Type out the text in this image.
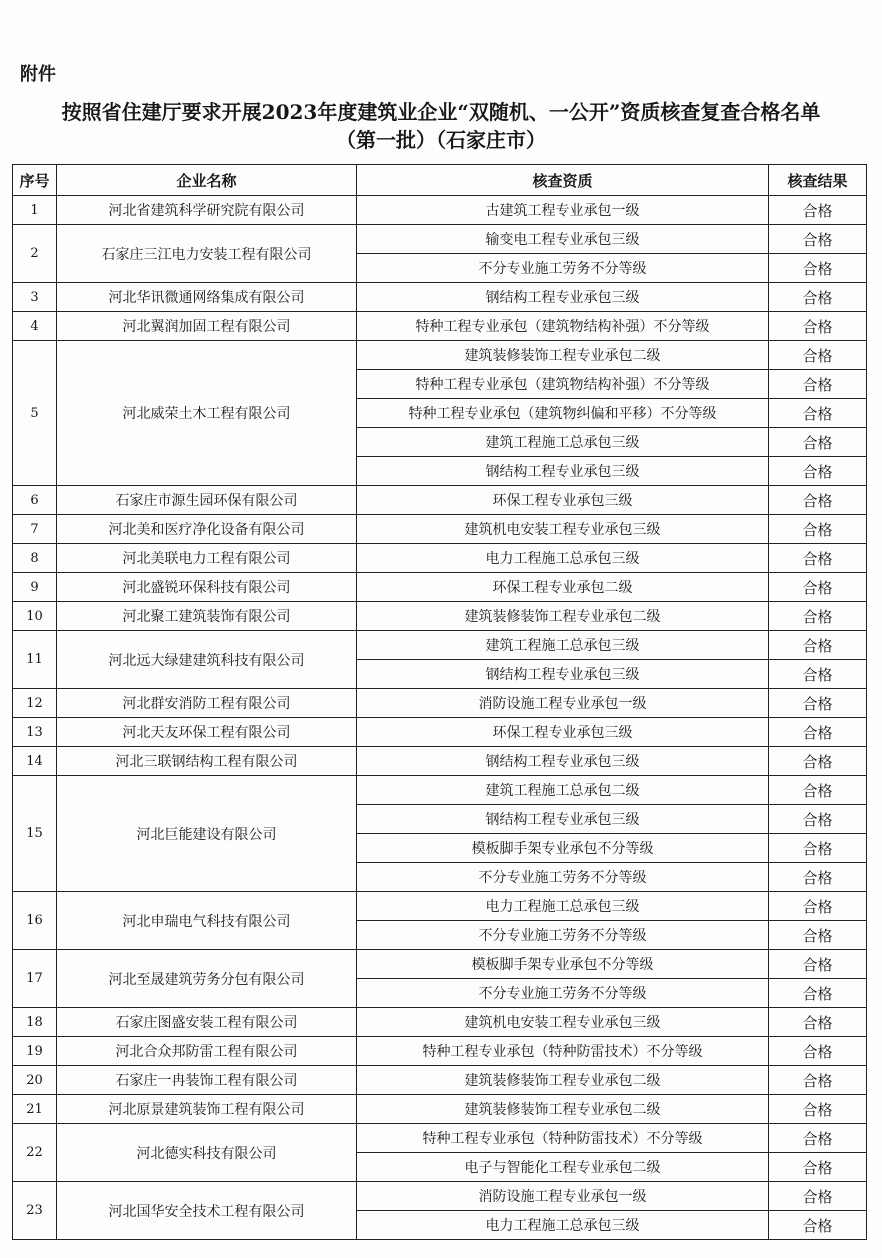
附件
按照省住建厅要求开展2023年度建筑业企业“双随机、一公开”资质核查复查合格名单
（第一批）（石家庄市）
序号	企业名称	核查资质	核查结果
1	河北省建筑科学研究院有限公司	古建筑工程专业承包一级	合格
2	石家庄三江电力安装工程有限公司	输变电工程专业承包三级	合格
		不分专业施工劳务不分等级	合格
3	河北华讯微通网络集成有限公司	钢结构工程专业承包三级	合格
4	河北翼润加固工程有限公司	特种工程专业承包（建筑物结构补强）不分等级	合格
5	河北威荣土木工程有限公司	建筑装修装饰工程专业承包二级	合格
		特种工程专业承包（建筑物结构补强）不分等级	合格
		特种工程专业承包（建筑物纠偏和平移）不分等级	合格
		建筑工程施工总承包三级	合格
		钢结构工程专业承包三级	合格
6	石家庄市源生园环保有限公司	环保工程专业承包三级	合格
7	河北美和医疗净化设备有限公司	建筑机电安装工程专业承包三级	合格
8	河北美联电力工程有限公司	电力工程施工总承包三级	合格
9	河北盛锐环保科技有限公司	环保工程专业承包二级	合格
10	河北聚工建筑装饰有限公司	建筑装修装饰工程专业承包二级	合格
11	河北远大绿建建筑科技有限公司	建筑工程施工总承包三级	合格
		钢结构工程专业承包三级	合格
12	河北群安消防工程有限公司	消防设施工程专业承包一级	合格
13	河北天友环保工程有限公司	环保工程专业承包三级	合格
14	河北三联钢结构工程有限公司	钢结构工程专业承包三级	合格
15	河北巨能建设有限公司	建筑工程施工总承包二级	合格
		钢结构工程专业承包三级	合格
		模板脚手架专业承包不分等级	合格
		不分专业施工劳务不分等级	合格
16	河北申瑞电气科技有限公司	电力工程施工总承包三级	合格
		不分专业施工劳务不分等级	合格
17	河北至晟建筑劳务分包有限公司	模板脚手架专业承包不分等级	合格
		不分专业施工劳务不分等级	合格
18	石家庄图盛安装工程有限公司	建筑机电安装工程专业承包三级	合格
19	河北合众邦防雷工程有限公司	特种工程专业承包（特种防雷技术）不分等级	合格
20	石家庄一冉装饰工程有限公司	建筑装修装饰工程专业承包二级	合格
21	河北原景建筑装饰工程有限公司	建筑装修装饰工程专业承包二级	合格
22	河北德实科技有限公司	特种工程专业承包（特种防雷技术）不分等级	合格
		电子与智能化工程专业承包二级	合格
23	河北国华安全技术工程有限公司	消防设施工程专业承包一级	合格
		电力工程施工总承包三级	合格
